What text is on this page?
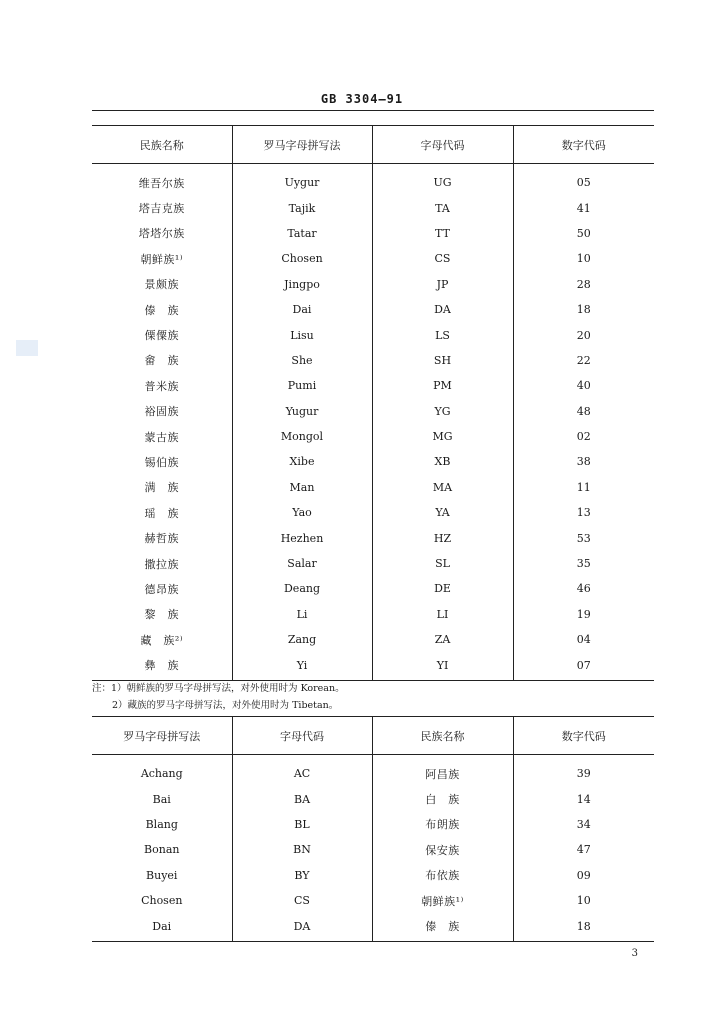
GB 3304—91
民族名称	罗马字母拼写法	字母代码	数字代码
维吾尔族	Uygur	UG	05
塔吉克族	Tajik	TA	41
塔塔尔族	Tatar	TT	50
朝鲜族¹⁾	Chosen	CS	10
景颇族	Jingpo	JP	28
傣　族	Dai	DA	18
傈僳族	Lisu	LS	20
畲　族	She	SH	22
普米族	Pumi	PM	40
裕固族	Yugur	YG	48
蒙古族	Mongol	MG	02
锡伯族	Xibe	XB	38
满　族	Man	MA	11
瑶　族	Yao	YA	13
赫哲族	Hezhen	HZ	53
撒拉族	Salar	SL	35
德昂族	Deang	DE	46
黎　族	Li	LI	19
藏　族²⁾	Zang	ZA	04
彝　族	Yi	YI	07
注：1）朝鲜族的罗马字母拼写法，对外使用时为 Korean。
2）藏族的罗马字母拼写法，对外使用时为 Tibetan。
罗马字母拼写法	字母代码	民族名称	数字代码
Achang	AC	阿昌族	39
Bai	BA	白　族	14
Blang	BL	布朗族	34
Bonan	BN	保安族	47
Buyei	BY	布依族	09
Chosen	CS	朝鲜族¹⁾	10
Dai	DA	傣　族	18
3
